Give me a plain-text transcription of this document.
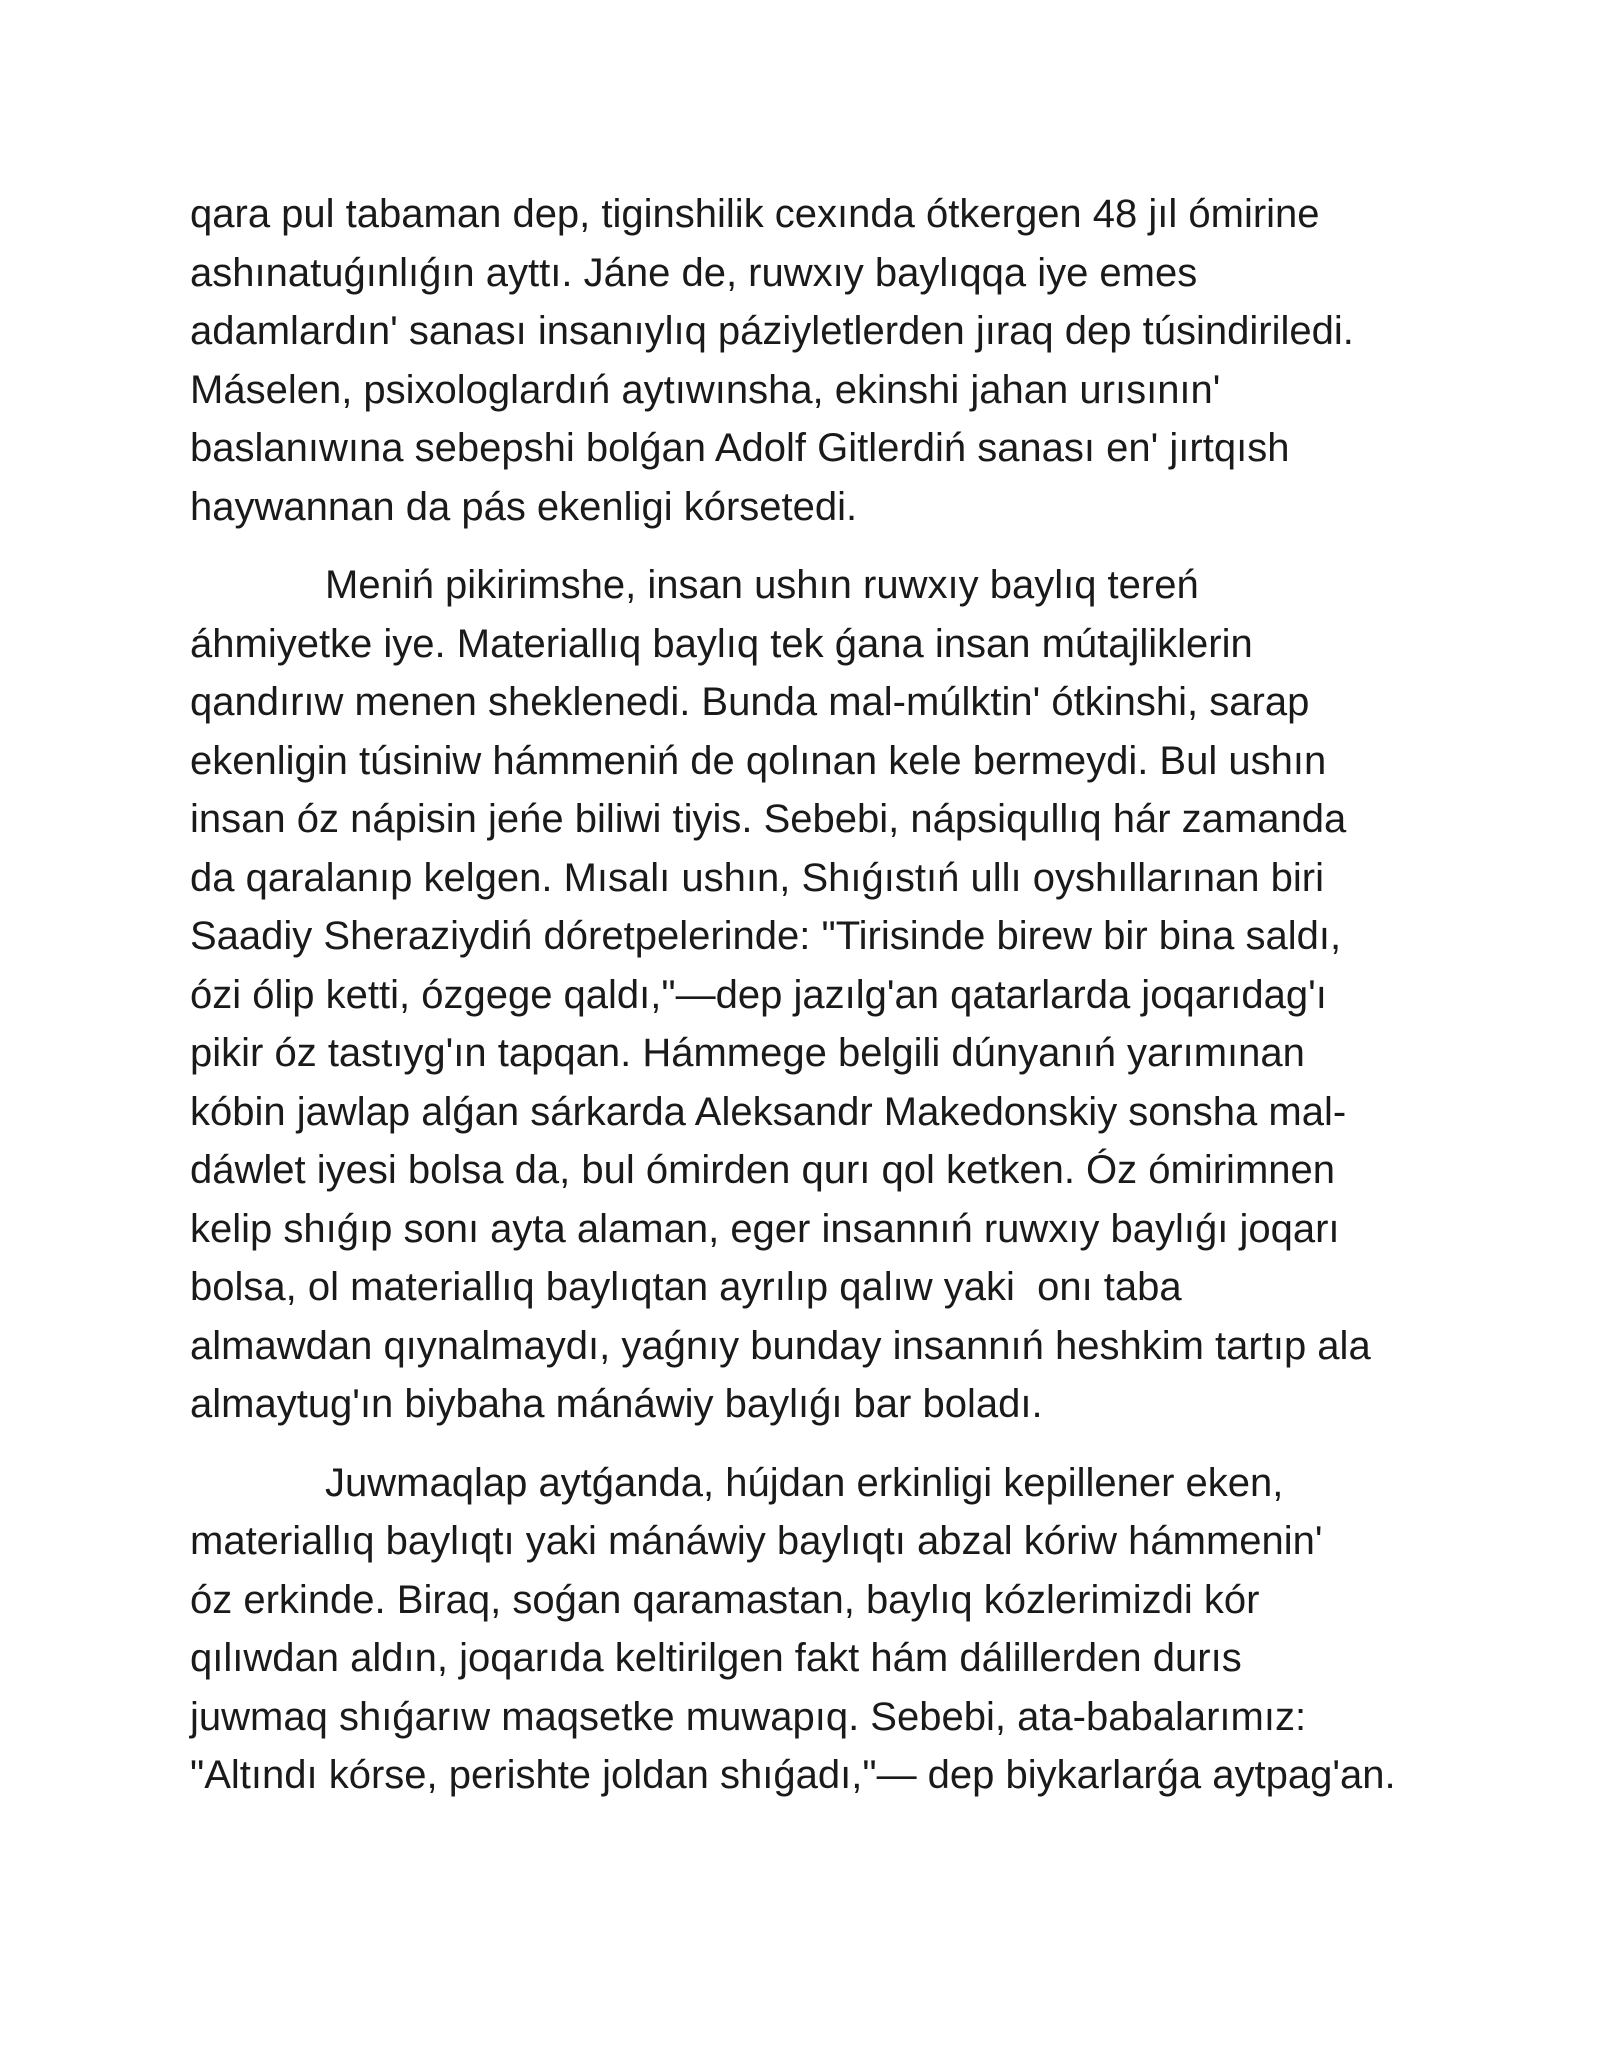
qara pul tabaman dep, tiginshilik cexında ótkergen 48 jıl ómirine
ashınatuǵınlıǵın ayttı. Jáne de, ruwxıy baylıqqa iye emes
adamlardın' sanası insanıylıq páziyletlerden jıraq dep túsindiriledi.
Máselen, psixologlardıń aytıwınsha, ekinshi jahan urısının'
baslanıwına sebepshi bolǵan Adolf Gitlerdiń sanası en' jırtqısh
haywannan da pás ekenligi kórsetedi.
Meniń pikirimshe, insan ushın ruwxıy baylıq tereń
áhmiyetke iye. Materiallıq baylıq tek ǵana insan mútajliklerin
qandırıw menen sheklenedi. Bunda mal-múlktin' ótkinshi, sarap
ekenligin túsiniw hámmeniń de qolınan kele bermeydi. Bul ushın
insan óz nápisin jeńe biliwi tiyis. Sebebi, nápsiqullıq hár zamanda
da qaralanıp kelgen. Mısalı ushın, Shıǵıstıń ullı oyshıllarınan biri
Saadiy Sheraziydiń dóretpelerinde: "Tirisinde birew bir bina saldı,
ózi ólip ketti, ózgege qaldı,"—dep jazılg'an qatarlarda joqarıdag'ı
pikir óz tastıyg'ın tapqan. Hámmege belgili dúnyanıń yarımınan
kóbin jawlap alǵan sárkarda Aleksandr Makedonskiy sonsha mal-
dáwlet iyesi bolsa da, bul ómirden qurı qol ketken. Óz ómirimnen
kelip shıǵıp sonı ayta alaman, eger insannıń ruwxıy baylıǵı joqarı
bolsa, ol materiallıq baylıqtan ayrılıp qalıw yaki  onı taba
almawdan qıynalmaydı, yaǵnıy bunday insannıń heshkim tartıp ala
almaytug'ın biybaha mánáwiy baylıǵı bar boladı.
Juwmaqlap aytǵanda, hújdan erkinligi kepillener eken,
materiallıq baylıqtı yaki mánáwiy baylıqtı abzal kóriw hámmenin'
óz erkinde. Biraq, soǵan qaramastan, baylıq kózlerimizdi kór
qılıwdan aldın, joqarıda keltirilgen fakt hám dálillerden durıs
juwmaq shıǵarıw maqsetke muwapıq. Sebebi, ata-babalarımız:
"Altındı kórse, perishte joldan shıǵadı,"— dep biykarlarǵa aytpag'an.
